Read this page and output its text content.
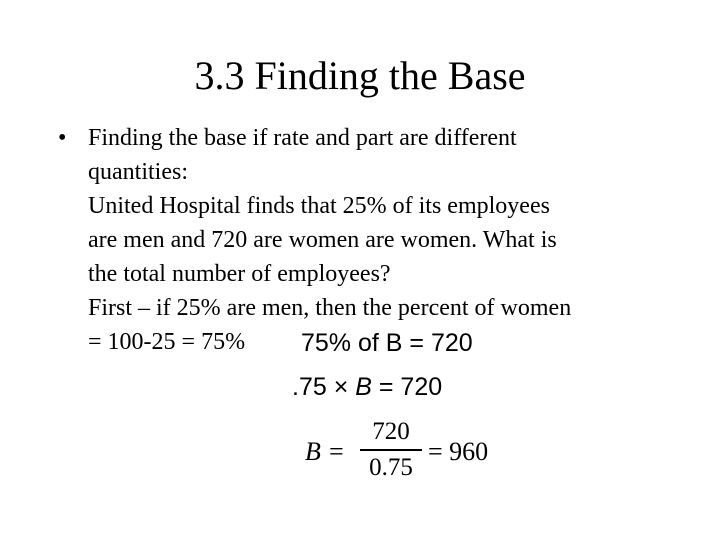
3.3 Finding the Base
• Finding the base if rate and part are different
quantities:
United Hospital finds that 25% of its employees
are men and 720 are women are women. What is
the total number of employees?
First – if 25% are men, then the percent of women
= 100-25 = 75%	75% of B = 720
.75 × B = 720
B =
720
0.75
= 960
